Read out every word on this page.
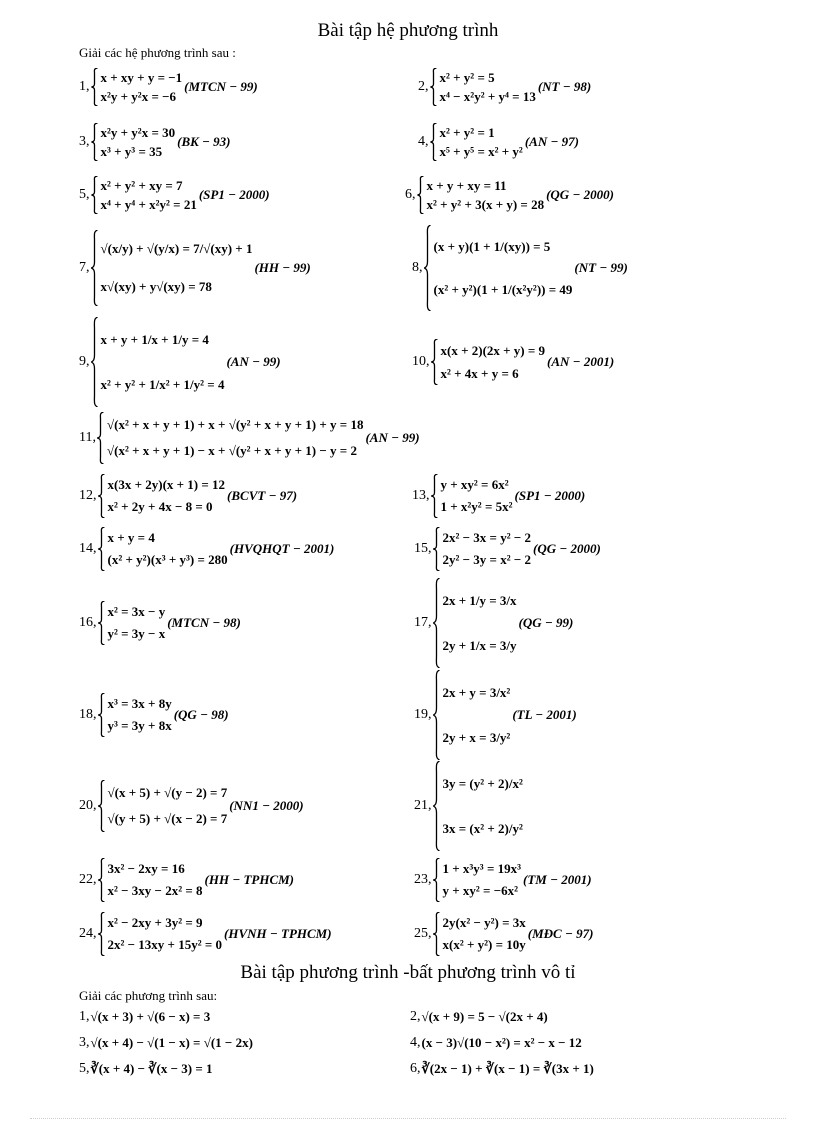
Bài tập hệ phương trình
Giải các hệ phương trình sau :
1,
x + xy + y = −1
x²y + y²x = −6
(MTCN − 99)	2,
x² + y² = 5
x⁴ − x²y² + y⁴ = 13
(NT − 98)
3,
x²y + y²x = 30
x³ + y³ = 35
(BK − 93)	4,
x² + y² = 1
x⁵ + y⁵ = x² + y²
(AN − 97)
5,
x² + y² + xy = 7
x⁴ + y⁴ + x²y² = 21
(SP1 − 2000)	6,
x + y + xy = 11
x² + y² + 3(x + y) = 28
(QG − 2000)
7,
√(x/y) + √(y/x) = 7/√(xy) + 1
x√(xy) + y√(xy) = 78
(HH − 99)	8,
(x + y)(1 + 1/(xy)) = 5
(x² + y²)(1 + 1/(x²y²)) = 49
(NT − 99)
9,
x + y + 1/x + 1/y = 4
x² + y² + 1/x² + 1/y² = 4
(AN − 99)	10,
x(x + 2)(2x + y) = 9
x² + 4x + y = 6
(AN − 2001)
11,
√(x² + x + y + 1) + x + √(y² + x + y + 1) + y = 18
√(x² + x + y + 1) − x + √(y² + x + y + 1) − y = 2
(AN − 99)
12,
x(3x + 2y)(x + 1) = 12
x² + 2y + 4x − 8 = 0
(BCVT − 97)	13,
y + xy² = 6x²
1 + x²y² = 5x²
(SP1 − 2000)
14,
x + y = 4
(x² + y²)(x³ + y³) = 280
(HVQHQT − 2001)	15,
2x² − 3x = y² − 2
2y² − 3y = x² − 2
(QG − 2000)
16,
x² = 3x − y
y² = 3y − x
(MTCN − 98)	17,
2x + 1/y = 3/x
2y + 1/x = 3/y
(QG − 99)
18,
x³ = 3x + 8y
y³ = 3y + 8x
(QG − 98)	19,
2x + y = 3/x²
2y + x = 3/y²
(TL − 2001)
20,
√(x + 5) + √(y − 2) = 7
√(y + 5) + √(x − 2) = 7
(NN1 − 2000)	21,
3y = (y² + 2)/x²
3x = (x² + 2)/y²
22,
3x² − 2xy = 16
x² − 3xy − 2x² = 8
(HH − TPHCM)	23,
1 + x³y³ = 19x³
y + xy² = −6x²
(TM − 2001)
24,
x² − 2xy + 3y² = 9
2x² − 13xy + 15y² = 0
(HVNH − TPHCM)	25,
2y(x² − y²) = 3x
x(x² + y²) = 10y
(MĐC − 97)
Bài tập phương trình -bất phương trình vô tỉ
Giải các phương trình sau:
1, √(x + 3) + √(6 − x) = 3	2, √(x + 9) = 5 − √(2x + 4)
3, √(x + 4) − √(1 − x) = √(1 − 2x)	4, (x − 3)√(10 − x²) = x² − x − 12
5, ∛(x + 4) − ∛(x − 3) = 1	6, ∛(2x − 1) + ∛(x − 1) = ∛(3x + 1)
